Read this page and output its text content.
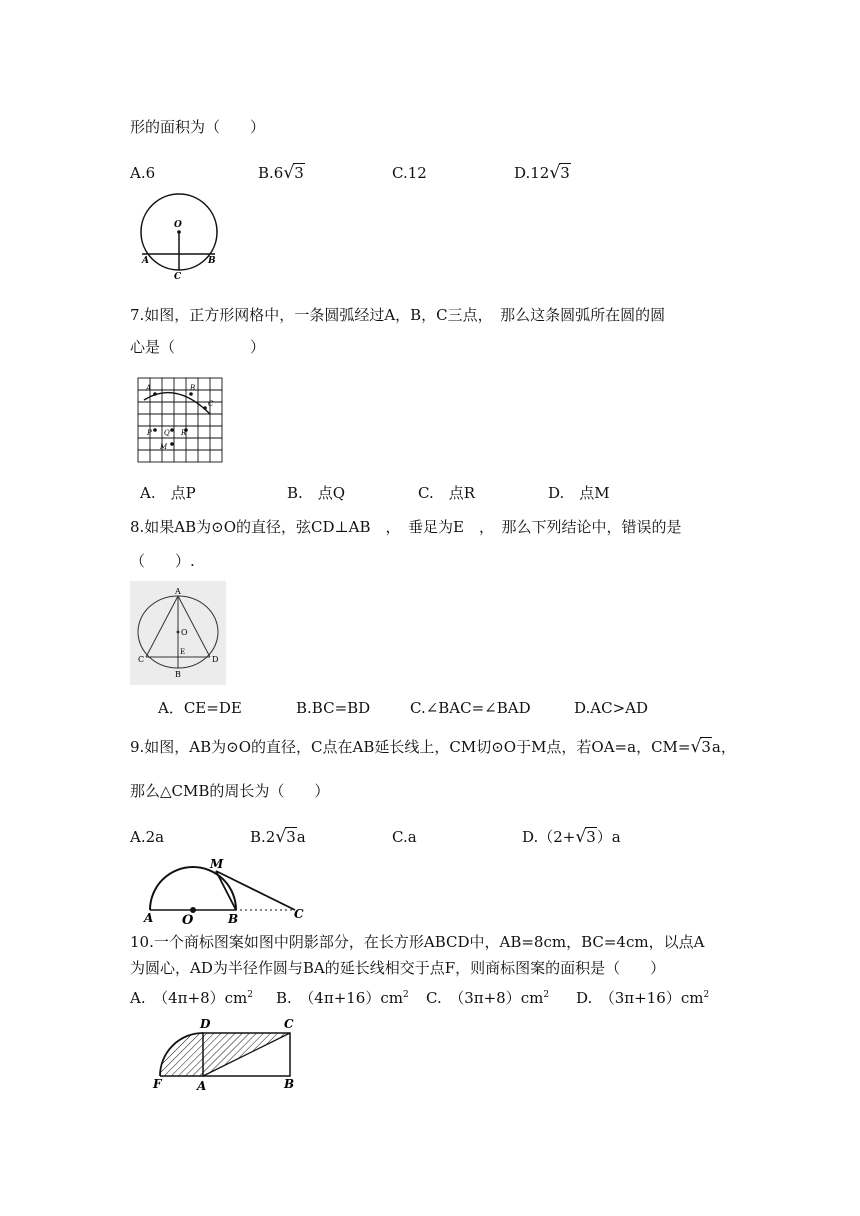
形的面积为（　　）
A.6	B.6√3	C.12	D.12√3
O
A	B
C
7.如图，正方形网格中，一条圆弧经过A，B，C三点，　那么这条圆弧所在圆的圆
心是（　　　　　）
A	B
C
P Q R
M
A.　点P	B.　点Q	C.　点R	D.　点M
8.如果AB为⊙O的直径，弦CD⊥AB　，　垂足为E　，　那么下列结论中，错误的是
（　　）.
A
O
E
C	D
B
A．CE=DE	B.BC=BD	C.∠BAC=∠BAD	D.AC>AD
9.如图，AB为⊙O的直径，C点在AB延长线上，CM切⊙O于M点，若OA=a，CM=√3a，
那么△CMB的周长为（　　）
A.2a	B.2√3a	C.a	D.（2+√3）a
M
A O	B	C
10.一个商标图案如图中阴影部分，在长方形ABCD中，AB=8cm，BC=4cm，以点A
为圆心，AD为半径作圆与BA的延长线相交于点F，则商标图案的面积是（　　）
A.　$(4\pi+8)cm^2$ B.　$(4\pi+16)cm^2$ C.　$(3\pi+8)cm^2$ D.　$(3\pi+16)cm^2$
D	C
F	A	B
